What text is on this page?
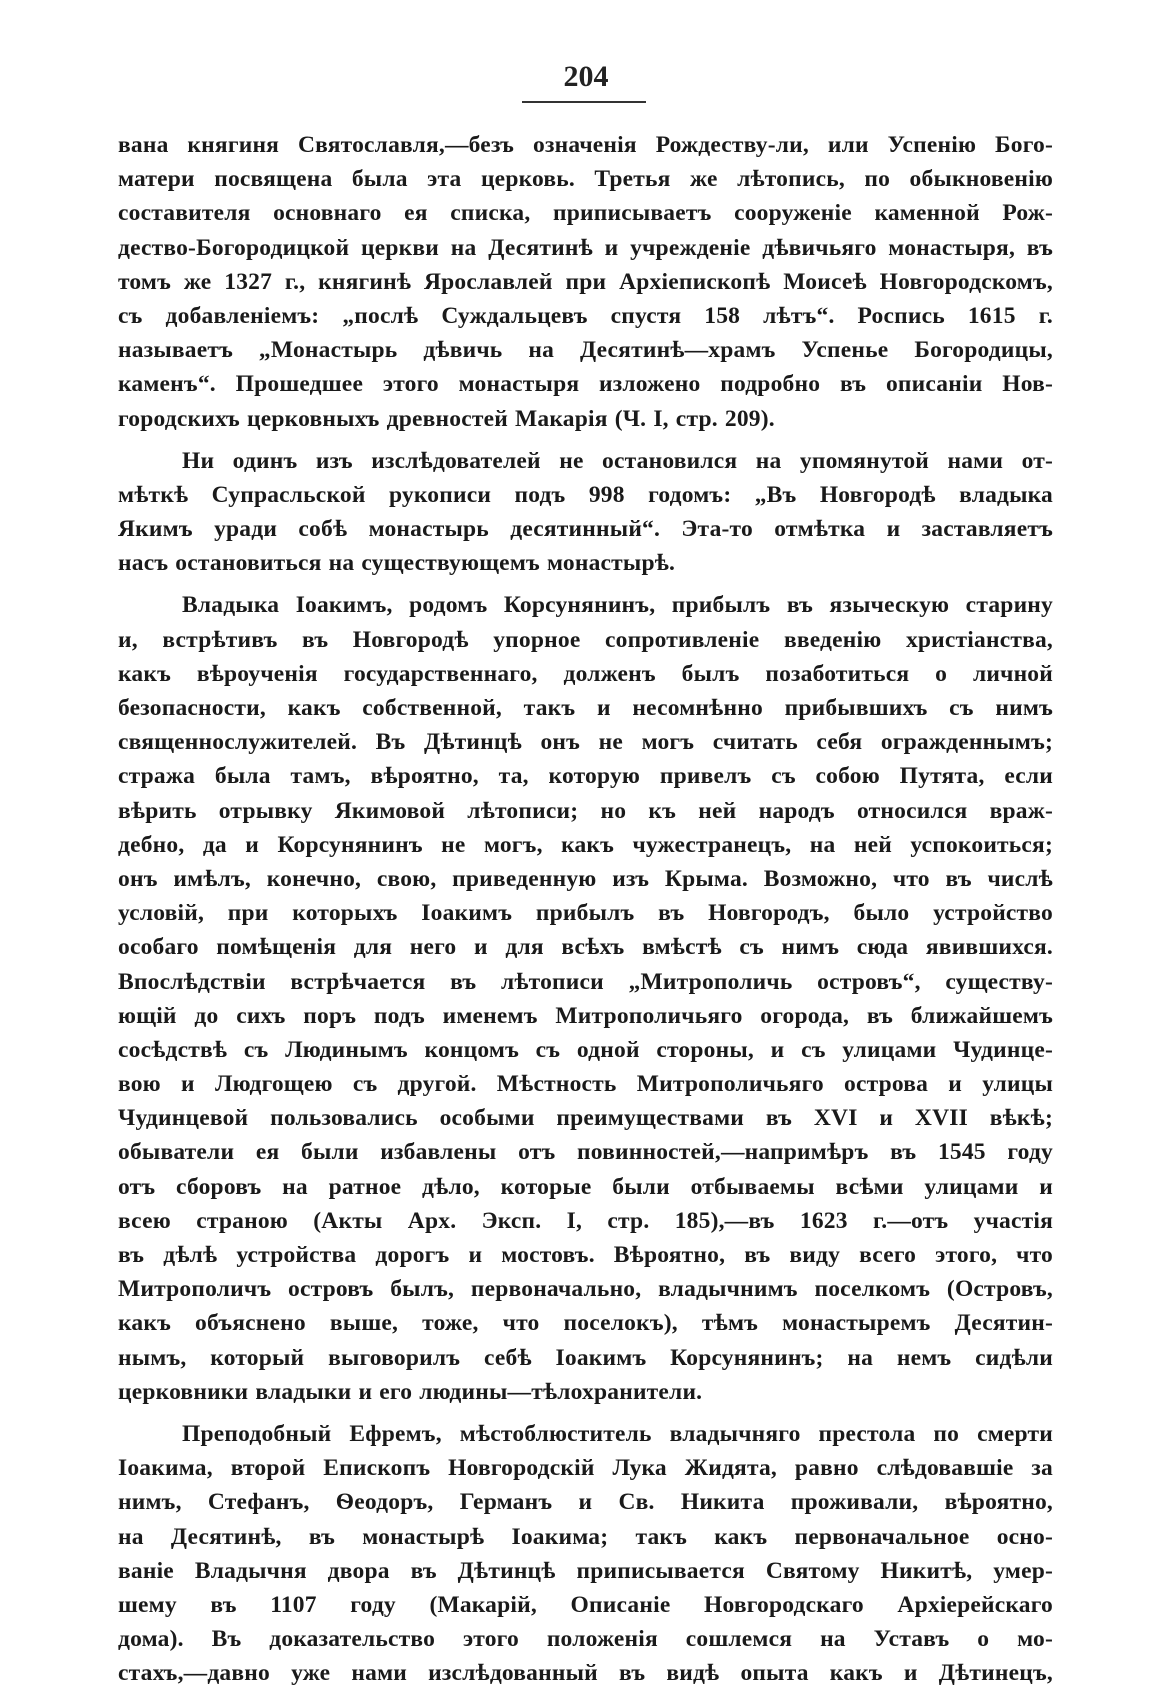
204
вана княгиня Святославля,—безъ означенія Рождеству-ли, или Успенію Бого-
матери посвящена была эта церковь. Третья же лѣтопись, по обыкновенію
составителя основнаго ея списка, приписываетъ сооруженіе каменной Рож-
дество-Богородицкой церкви на Десятинѣ и учрежденіе дѣвичьяго монастыря, въ
томъ же 1327 г., княгинѣ Ярославлей при Архіепископѣ Моисеѣ Новгородскомъ,
съ добавленіемъ: „послѣ Суждальцевъ спустя 158 лѣтъ“. Роспись 1615 г.
называетъ „Монастырь дѣвичь на Десятинѣ—храмъ Успенье Богородицы,
каменъ“. Прошедшее этого монастыря изложено подробно въ описаніи Нов-
городскихъ церковныхъ древностей Макарія (Ч. I, стр. 209).
Ни одинъ изъ изслѣдователей не остановился на упомянутой нами от-
мѣткѣ Супрасльской рукописи подъ 998 годомъ: „Въ Новгородѣ владыка
Якимъ уради собѣ монастырь десятинный“. Эта-то отмѣтка и заставляетъ
насъ остановиться на существующемъ монастырѣ.
Владыка Іоакимъ, родомъ Корсунянинъ, прибылъ въ языческую старину
и, встрѣтивъ въ Новгородѣ упорное сопротивленіе введенію христіанства,
какъ вѣроученія государственнаго, долженъ былъ позаботиться о личной
безопасности, какъ собственной, такъ и несомнѣнно прибывшихъ съ нимъ
священнослужителей. Въ Дѣтинцѣ онъ не могъ считать себя огражденнымъ;
стража была тамъ, вѣроятно, та, которую привелъ съ собою Путята, если
вѣрить отрывку Якимовой лѣтописи; но къ ней народъ относился враж-
дебно, да и Корсунянинъ не могъ, какъ чужестранецъ, на ней успокоиться;
онъ имѣлъ, конечно, свою, приведенную изъ Крыма. Возможно, что въ числѣ
условій, при которыхъ Іоакимъ прибылъ въ Новгородъ, было устройство
особаго помѣщенія для него и для всѣхъ вмѣстѣ съ нимъ сюда явившихся.
Впослѣдствіи встрѣчается въ лѣтописи „Митрополичь островъ“, существу-
ющій до сихъ поръ подъ именемъ Митрополичьяго огорода, въ ближайшемъ
сосѣдствѣ съ Людинымъ концомъ съ одной стороны, и съ улицами Чудинце-
вою и Людгощею съ другой. Мѣстность Митрополичьяго острова и улицы
Чудинцевой пользовались особыми преимуществами въ XVI и XVII вѣкѣ;
обыватели ея были избавлены отъ повинностей,—напримѣръ въ 1545 году
отъ сборовъ на ратное дѣло, которые были отбываемы всѣми улицами и
всею страною (Акты Арх. Эксп. I, стр. 185),—въ 1623 г.—отъ участія
въ дѣлѣ устройства дорогъ и мостовъ. Вѣроятно, въ виду всего этого, что
Митрополичъ островъ былъ, первоначально, владычнимъ поселкомъ (Островъ,
какъ объяснено выше, тоже, что поселокъ), тѣмъ монастыремъ Десятин-
нымъ, который выговорилъ себѣ Іоакимъ Корсунянинъ; на немъ сидѣли
церковники владыки и его людины—тѣлохранители.
Преподобный Ефремъ, мѣстоблюститель владычняго престола по смерти
Іоакима, второй Епископъ Новгородскій Лука Жидята, равно слѣдовавшіе за
нимъ, Стефанъ, Ѳеодоръ, Германъ и Св. Никита проживали, вѣроятно,
на Десятинѣ, въ монастырѣ Іоакима; такъ какъ первоначальное осно-
ваніе Владычня двора въ Дѣтинцѣ приписывается Святому Никитѣ, умер-
шему въ 1107 году (Макарій, Описаніе Новгородскаго Архіерейскаго
дома). Въ доказательство этого положенія сошлемся на Уставъ о мо-
стахъ,—давно уже нами изслѣдованный въ видѣ опыта какъ и Дѣтинецъ,
